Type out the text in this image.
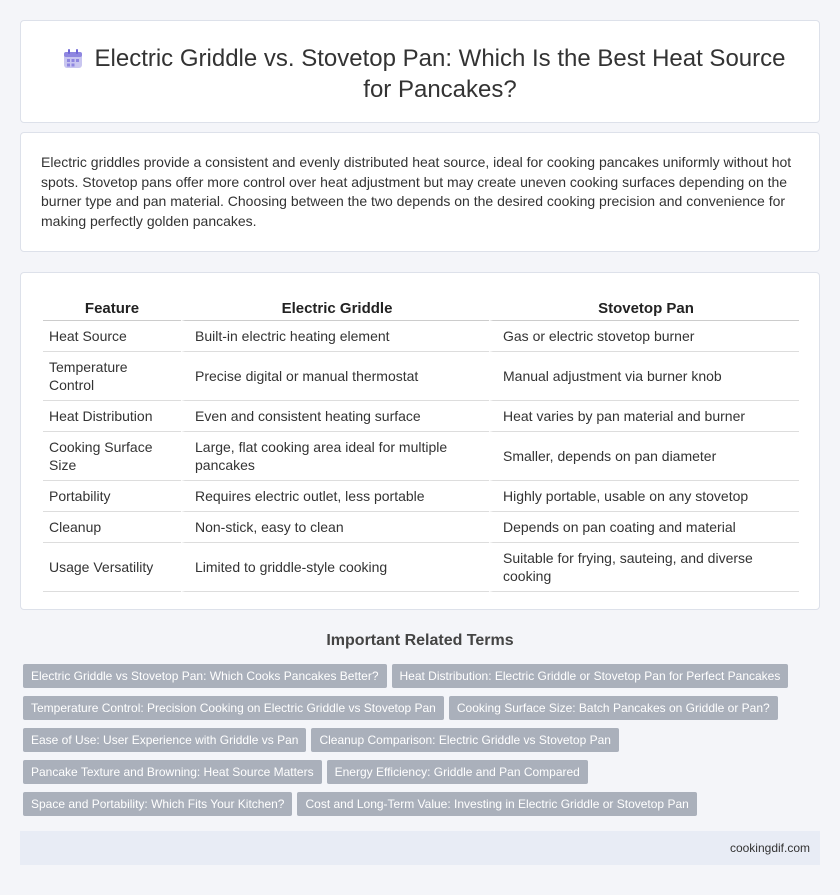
Electric Griddle vs. Stovetop Pan: Which Is the Best Heat Source for Pancakes?

Electric griddles provide a consistent and evenly distributed heat source, ideal for cooking pancakes uniformly without hot spots. Stovetop pans offer more control over heat adjustment but may create uneven cooking surfaces depending on the burner type and pan material. Choosing between the two depends on the desired cooking precision and convenience for making perfectly golden pancakes.

Feature	Electric Griddle	Stovetop Pan
Heat Source	Built-in electric heating element	Gas or electric stovetop burner
Temperature Control	Precise digital or manual thermostat	Manual adjustment via burner knob
Heat Distribution	Even and consistent heating surface	Heat varies by pan material and burner
Cooking Surface Size	Large, flat cooking area ideal for multiple pancakes	Smaller, depends on pan diameter
Portability	Requires electric outlet, less portable	Highly portable, usable on any stovetop
Cleanup	Non-stick, easy to clean	Depends on pan coating and material
Usage Versatility	Limited to griddle-style cooking	Suitable for frying, sauteing, and diverse cooking
Important Related Terms
Electric Griddle vs Stovetop Pan: Which Cooks Pancakes Better? Heat Distribution: Electric Griddle or Stovetop Pan for Perfect Pancakes
Temperature Control: Precision Cooking on Electric Griddle vs Stovetop Pan Cooking Surface Size: Batch Pancakes on Griddle or Pan?
Ease of Use: User Experience with Griddle vs Pan Cleanup Comparison: Electric Griddle vs Stovetop Pan
Pancake Texture and Browning: Heat Source Matters Energy Efficiency: Griddle and Pan Compared
Space and Portability: Which Fits Your Kitchen? Cost and Long-Term Value: Investing in Electric Griddle or Stovetop Pan
cookingdif.com
